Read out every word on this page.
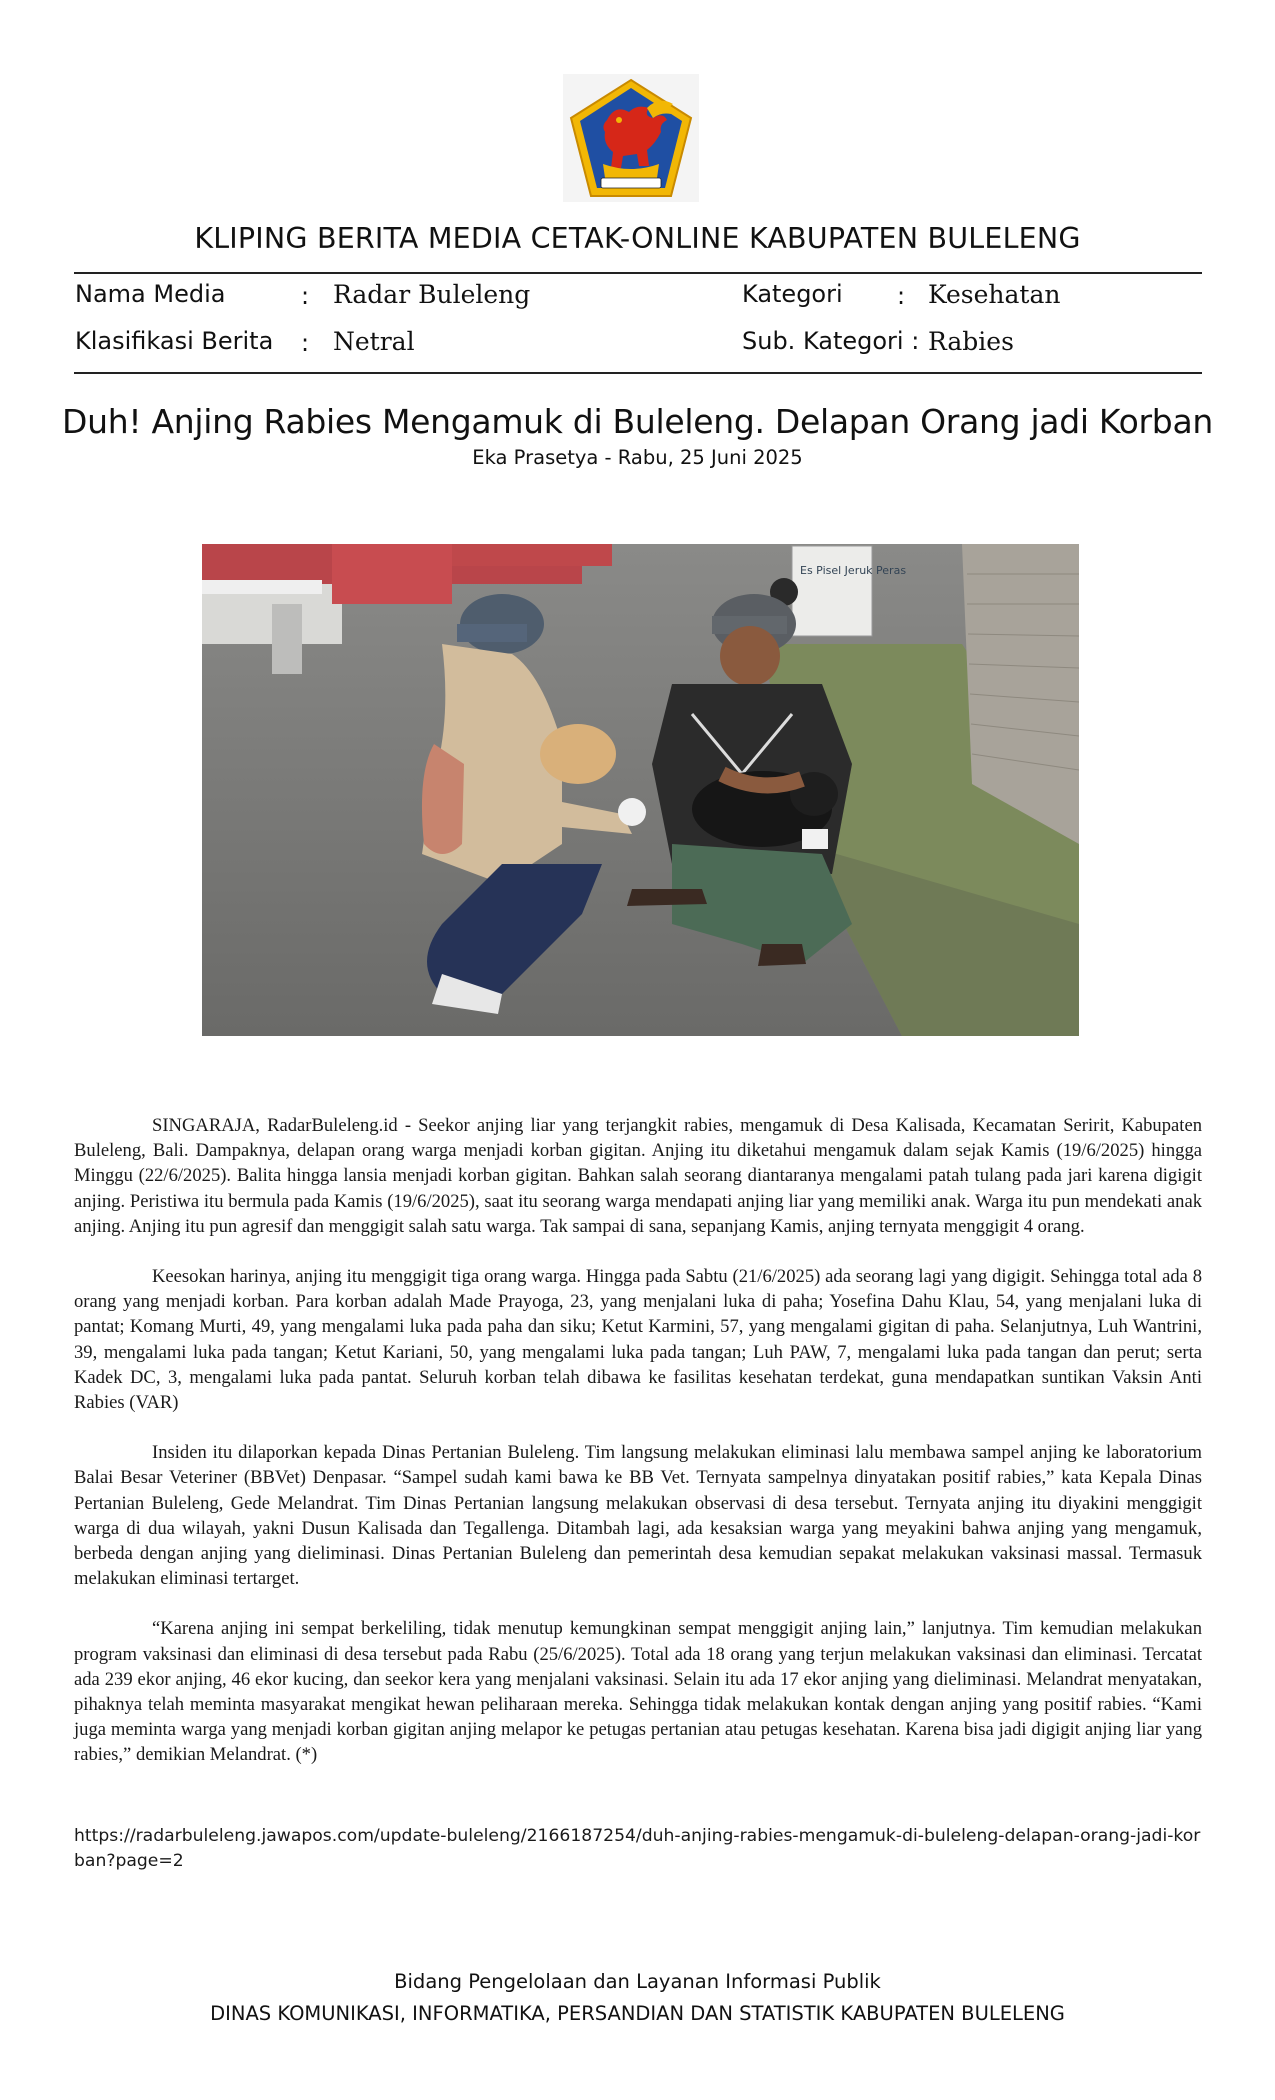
KLIPING BERITA MEDIA CETAK-ONLINE KABUPATEN BULELENG
Nama Media	: Radar Buleleng
Klasifikasi Berita : Netral
Kategori : Kesehatan
Sub. Kategori : Rabies
Duh! Anjing Rabies Mengamuk di Buleleng. Delapan Orang jadi Korban
Eka Prasetya - Rabu, 25 Juni 2025
Es Pisel Jeruk Peras

SINGARAJA, RadarBuleleng.id - Seekor anjing liar yang terjangkit rabies, mengamuk di Desa Kalisada, Kecamatan Seririt, Kabupaten Buleleng, Bali. Dampaknya, delapan orang warga menjadi korban gigitan. Anjing itu diketahui mengamuk dalam sejak Kamis (19/6/2025) hingga Minggu (22/6/2025). Balita hingga lansia menjadi korban gigitan. Bahkan salah seorang diantaranya mengalami patah tulang pada jari karena digigit anjing. Peristiwa itu bermula pada Kamis (19/6/2025), saat itu seorang warga mendapati anjing liar yang memiliki anak. Warga itu pun mendekati anak anjing. Anjing itu pun agresif dan menggigit salah satu warga. Tak sampai di sana, sepanjang Kamis, anjing ternyata menggigit 4 orang.

Keesokan harinya, anjing itu menggigit tiga orang warga. Hingga pada Sabtu (21/6/2025) ada seorang lagi yang digigit. Sehingga total ada 8 orang yang menjadi korban. Para korban adalah Made Prayoga, 23, yang menjalani luka di paha; Yosefina Dahu Klau, 54, yang menjalani luka di pantat; Komang Murti, 49, yang mengalami luka pada paha dan siku; Ketut Karmini, 57, yang mengalami gigitan di paha. Selanjutnya, Luh Wantrini, 39, mengalami luka pada tangan; Ketut Kariani, 50, yang mengalami luka pada tangan; Luh PAW, 7, mengalami luka pada tangan dan perut; serta Kadek DC, 3, mengalami luka pada pantat. Seluruh korban telah dibawa ke fasilitas kesehatan terdekat, guna mendapatkan suntikan Vaksin Anti Rabies (VAR)

Insiden itu dilaporkan kepada Dinas Pertanian Buleleng. Tim langsung melakukan eliminasi lalu membawa sampel anjing ke laboratorium Balai Besar Veteriner (BBVet) Denpasar. “Sampel sudah kami bawa ke BB Vet. Ternyata sampelnya dinyatakan positif rabies,” kata Kepala Dinas Pertanian Buleleng, Gede Melandrat. Tim Dinas Pertanian langsung melakukan observasi di desa tersebut. Ternyata anjing itu diyakini menggigit warga di dua wilayah, yakni Dusun Kalisada dan Tegallenga. Ditambah lagi, ada kesaksian warga yang meyakini bahwa anjing yang mengamuk, berbeda dengan anjing yang dieliminasi. Dinas Pertanian Buleleng dan pemerintah desa kemudian sepakat melakukan vaksinasi massal. Termasuk melakukan eliminasi tertarget.

“Karena anjing ini sempat berkeliling, tidak menutup kemungkinan sempat menggigit anjing lain,” lanjutnya. Tim kemudian melakukan program vaksinasi dan eliminasi di desa tersebut pada Rabu (25/6/2025). Total ada 18 orang yang terjun melakukan vaksinasi dan eliminasi. Tercatat ada 239 ekor anjing, 46 ekor kucing, dan seekor kera yang menjalani vaksinasi. Selain itu ada 17 ekor anjing yang dieliminasi. Melandrat menyatakan, pihaknya telah meminta masyarakat mengikat hewan peliharaan mereka. Sehingga tidak melakukan kontak dengan anjing yang positif rabies. “Kami juga meminta warga yang menjadi korban gigitan anjing melapor ke petugas pertanian atau petugas kesehatan. Karena bisa jadi digigit anjing liar yang rabies,” demikian Melandrat. (*)

https://radarbuleleng.jawapos.com/update-buleleng/2166187254/duh-anjing-rabies-mengamuk-di-buleleng-delapan-orang-jadi-korban?page=2
Bidang Pengelolaan dan Layanan Informasi Publik
DINAS KOMUNIKASI, INFORMATIKA, PERSANDIAN DAN STATISTIK KABUPATEN BULELENG
